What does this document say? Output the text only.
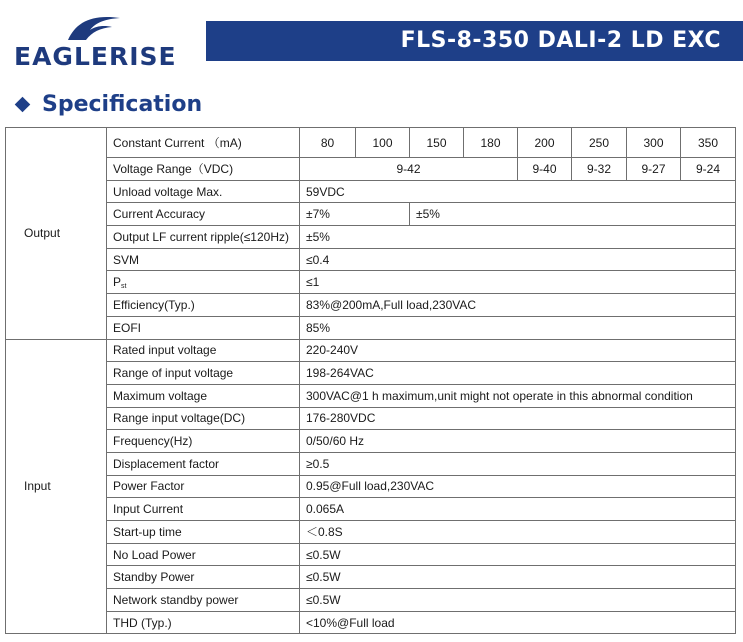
EAGLERISE
FLS-8-350 DALI-2 LD EXC
Specification
Output	Constant Current （mA)	80	100	150	180	200	250	300	350
	Voltage Range（VDC)	9-42				9-40	9-32	9-27	9-24
	Unload voltage Max.	59VDC							
	Current Accuracy	±7%		±5%					
	Output LF current ripple(≤120Hz)	±5%							
	SVM	≤0.4							
	$P_{st}$	≤1							
	Efficiency(Typ.)	83%@200mA,Full load,230VAC							
	EOFI	85%							
Input	Rated input voltage	220-240V							
	Range of input voltage	198-264VAC							
	Maximum voltage	300VAC@1 h maximum,unit might not operate in this abnormal condition							
	Range input voltage(DC)	176-280VDC							
	Frequency(Hz)	0/50/60 Hz							
	Displacement factor	≥0.5							
	Power Factor	0.95@Full load,230VAC							
	Input Current	0.065A							
	Start-up time	＜0.8S							
	No Load Power	≤0.5W							
	Standby Power	≤0.5W							
	Network standby power	≤0.5W							
	THD (Typ.)	<10%@Full load							
